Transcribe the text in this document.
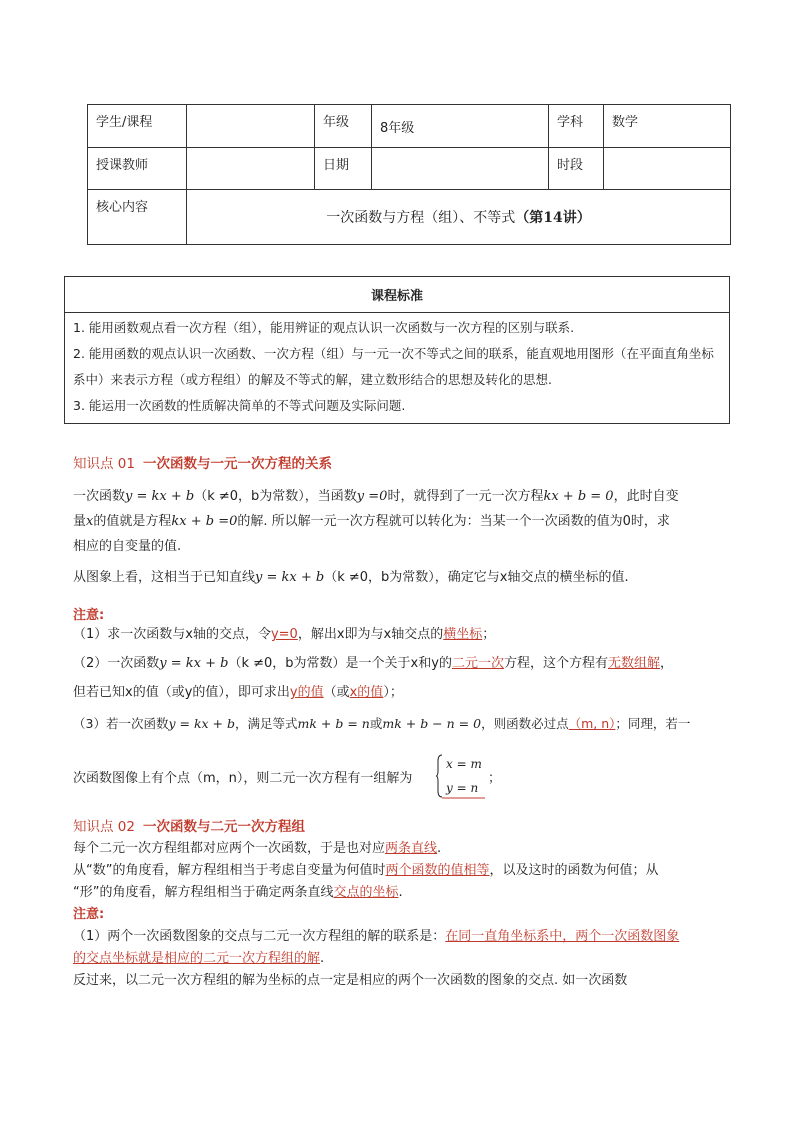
学生/课程		年级	8年级	学科	数学
授课教师		日期		时段	
核心内容	一次函数与方程（组）、不等式（第14讲）				
课程标准
1. 能用函数观点看一次方程（组），能用辨证的观点认识一次函数与一次方程的区别与联系.
2. 能用函数的观点认识一次函数、一次方程（组）与一元一次不等式之间的联系，能直观地用图形（在平面直角坐标系中）来表示方程（或方程组）的解及不等式的解，建立数形结合的思想及转化的思想.
3. 能运用一次函数的性质解决简单的不等式问题及实际问题.
知识点 01 一次函数与一元一次方程的关系
一次函数y = kx + b（k ≠0，b为常数），当函数y =0时，就得到了一元一次方程kx + b = 0，此时自变
量x的值就是方程kx + b =0的解. 所以解一元一次方程就可以转化为：当某一个一次函数的值为0时，求
相应的自变量的值.
从图象上看，这相当于已知直线y = kx + b（k ≠0，b为常数），确定它与x轴交点的横坐标的值.
注意:
（1）求一次函数与x轴的交点，令y=0，解出x即为与x轴交点的横坐标；
（2）一次函数y = kx + b（k ≠0，b为常数）是一个关于x和y的二元一次方程，这个方程有无数组解，
但若已知x的值（或y的值），即可求出y的值（或x的值）；
（3）若一次函数y = kx + b，满足等式mk + b = n或mk + b − n = 0，则函数必过点（m, n）；同理，若一
次函数图像上有个点（m，n），则二元一次方程有一组解为
x = m
y = n
；
知识点 02 一次函数与二元一次方程组
每个二元一次方程组都对应两个一次函数，于是也对应两条直线.
从“数”的角度看，解方程组相当于考虑自变量为何值时两个函数的值相等，以及这时的函数为何值；从
“形”的角度看，解方程组相当于确定两条直线交点的坐标.
注意:
（1）两个一次函数图象的交点与二元一次方程组的解的联系是：在同一直角坐标系中，两个一次函数图象
的交点坐标就是相应的二元一次方程组的解.
反过来，以二元一次方程组的解为坐标的点一定是相应的两个一次函数的图象的交点. 如一次函数
